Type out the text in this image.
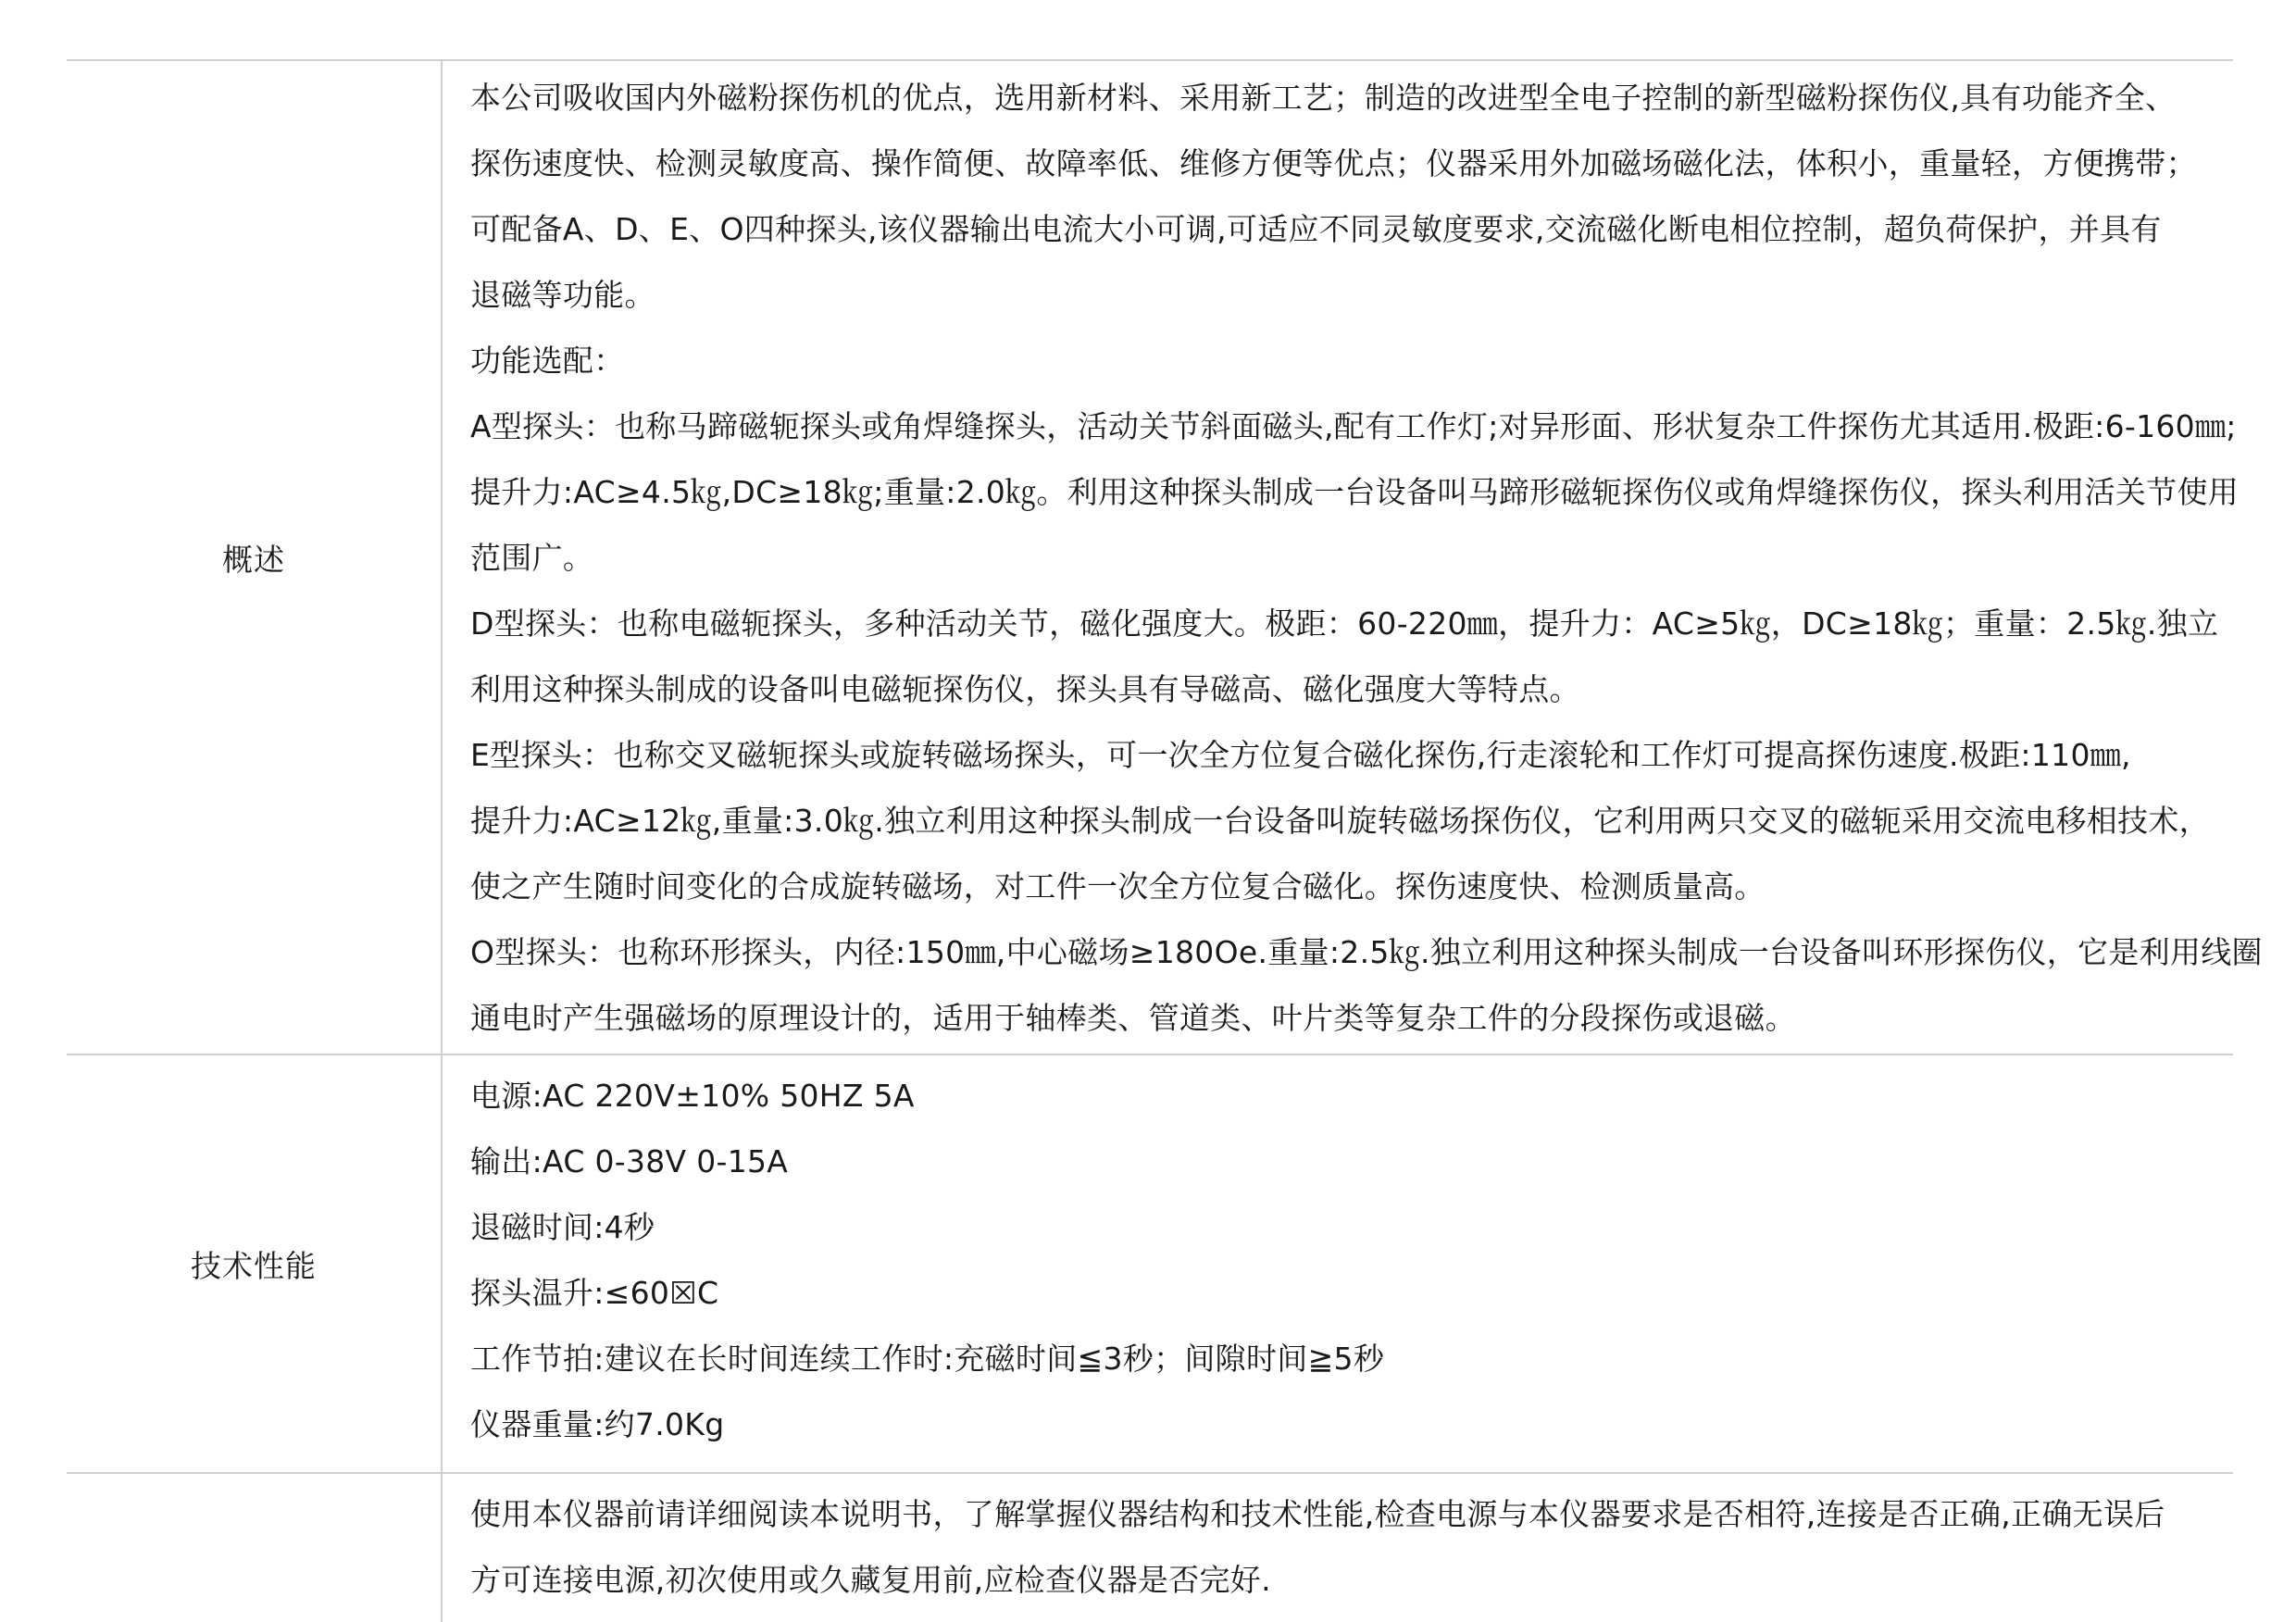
概述
本公司吸收国内外磁粉探伤机的优点，选用新材料、采用新工艺；制造的改进型全电子控制的新型磁粉探伤仪,具有功能齐全、
探伤速度快、检测灵敏度高、操作简便、故障率低、维修方便等优点；仪器采用外加磁场磁化法，体积小，重量轻，方便携带；
可配备A、D、E、O四种探头,该仪器输出电流大小可调,可适应不同灵敏度要求,交流磁化断电相位控制，超负荷保护，并具有
退磁等功能。
功能选配：
A型探头：也称马蹄磁轭探头或角焊缝探头，活动关节斜面磁头,配有工作灯;对异形面、形状复杂工件探伤尤其适用.极距:6-160㎜;
提升力:AC≥4.5㎏,DC≥18㎏;重量:2.0㎏。利用这种探头制成一台设备叫马蹄形磁轭探伤仪或角焊缝探伤仪，探头利用活关节使用
范围广。
D型探头：也称电磁轭探头，多种活动关节，磁化强度大。极距：60-220㎜，提升力：AC≥5㎏，DC≥18㎏；重量：2.5㎏.独立
利用这种探头制成的设备叫电磁轭探伤仪，探头具有导磁高、磁化强度大等特点。
E型探头：也称交叉磁轭探头或旋转磁场探头，可一次全方位复合磁化探伤,行走滚轮和工作灯可提高探伤速度.极距:110㎜,
提升力:AC≥12㎏,重量:3.0㎏.独立利用这种探头制成一台设备叫旋转磁场探伤仪，它利用两只交叉的磁轭采用交流电移相技术，
使之产生随时间变化的合成旋转磁场，对工件一次全方位复合磁化。探伤速度快、检测质量高。
O型探头：也称环形探头，内径:150㎜,中心磁场≥180Oe.重量:2.5㎏.独立利用这种探头制成一台设备叫环形探伤仪，它是利用线圈
通电时产生强磁场的原理设计的，适用于轴棒类、管道类、叶片类等复杂工件的分段探伤或退磁。
技术性能
电源:AC 220V±10% 50HZ 5A
输出:AC 0-38V 0-15A
退磁时间:4秒
探头温升:≤60☒C
工作节拍:建议在长时间连续工作时:充磁时间≦3秒；间隙时间≧5秒
仪器重量:约7.0Kg
使用本仪器前请详细阅读本说明书，了解掌握仪器结构和技术性能,检查电源与本仪器要求是否相符,连接是否正确,正确无误后
方可连接电源,初次使用或久藏复用前,应检查仪器是否完好.
